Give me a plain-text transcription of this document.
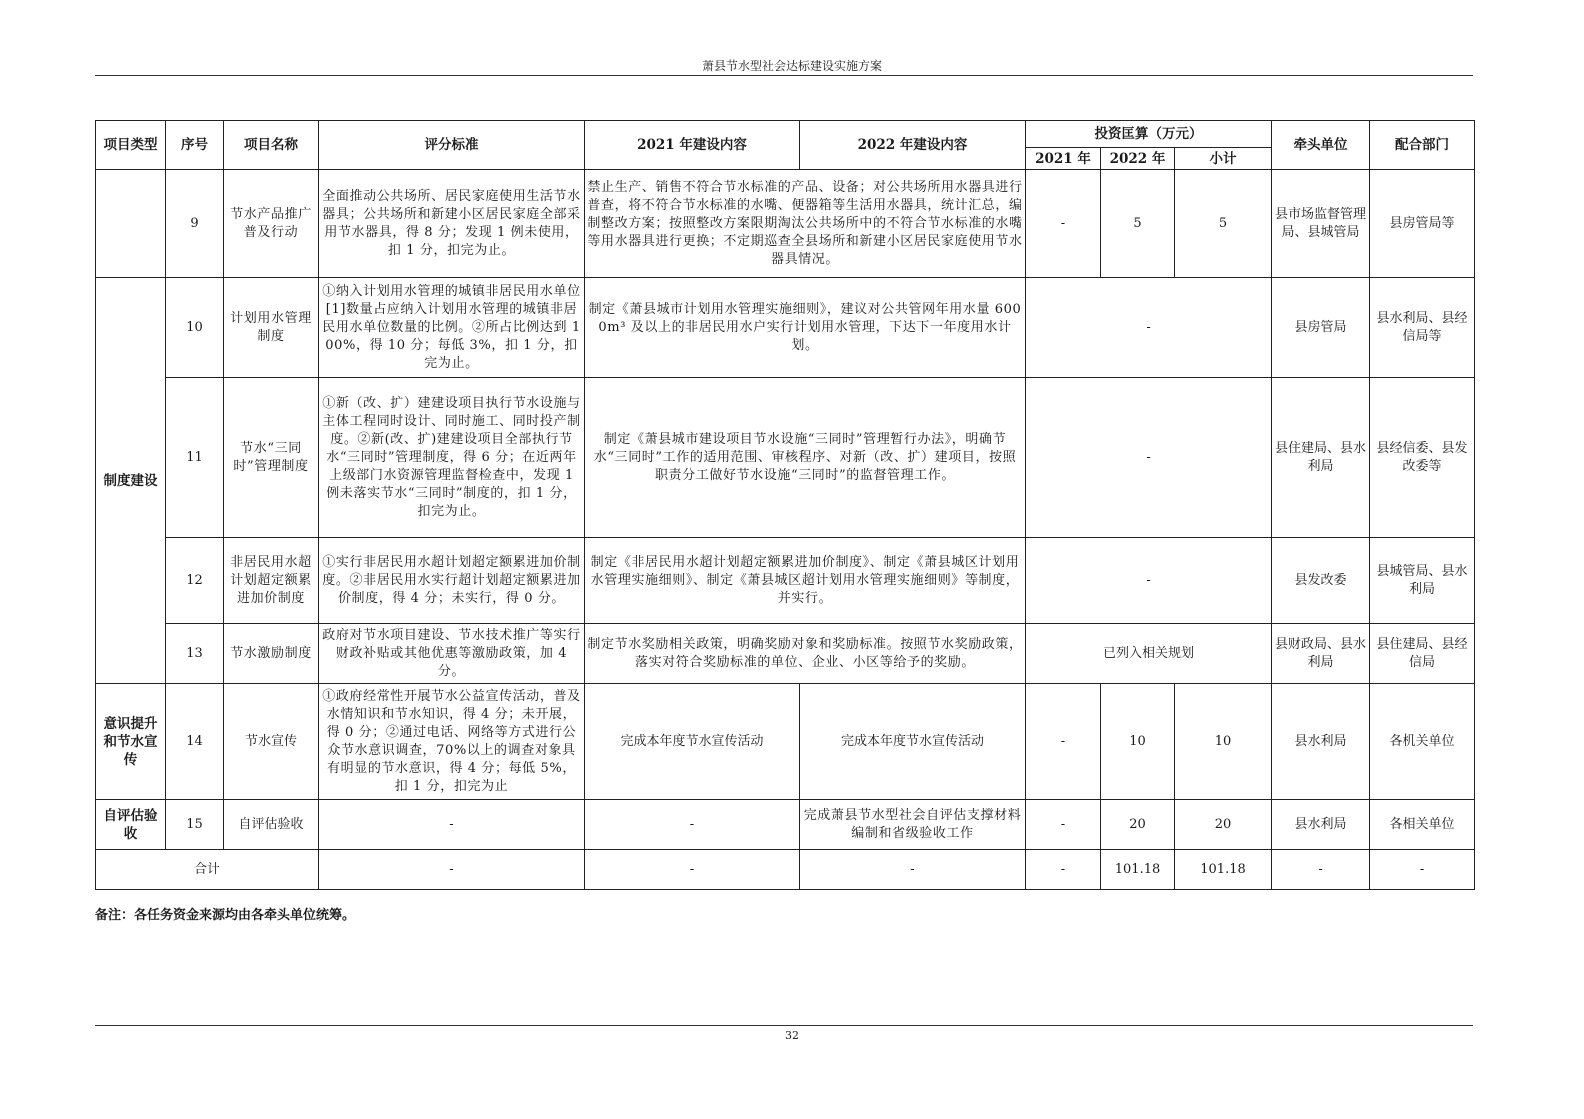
萧县节水型社会达标建设实施方案
项目类型	序号	项目名称	评分标准	2021 年建设内容	2022 年建设内容	投资匡算（万元）			牵头单位	配合部门
						2021 年	2022 年	小计		
	9	节水产品推广普及行动	全面推动公共场所、居民家庭使用生活节水器具；公共场所和新建小区居民家庭全部采用节水器具，得 8 分；发现 1 例未使用，扣 1 分，扣完为止。	禁止生产、销售不符合节水标准的产品、设备；对公共场所用水器具进行普查，将不符合节水标准的水嘴、便器箱等生活用水器具，统计汇总，编制整改方案；按照整改方案限期淘汰公共场所中的不符合节水标准的水嘴等用水器具进行更换；不定期巡查全县场所和新建小区居民家庭使用节水器具情况。		-	5	5	县市场监督管理局、县城管局	县房管局等
制度建设	10	计划用水管理制度	①纳入计划用水管理的城镇非居民用水单位[1]数量占应纳入计划用水管理的城镇非居民用水单位数量的比例。②所占比例达到 100%，得 10 分；每低 3%，扣 1 分，扣完为止。	制定《萧县城市计划用水管理实施细则》，建议对公共管网年用水量 6000m³ 及以上的非居民用水户实行计划用水管理，下达下一年度用水计划。		-			县房管局	县水利局、县经信局等
	11	节水“三同时”管理制度	①新（改、扩）建建设项目执行节水设施与主体工程同时设计、同时施工、同时投产制度。②新(改、扩)建建设项目全部执行节水“三同时”管理制度，得 6 分；在近两年上级部门水资源管理监督检查中，发现 1 例未落实节水“三同时”制度的，扣 1 分，扣完为止。	制定《萧县城市建设项目节水设施“三同时”管理暂行办法》，明确节水“三同时”工作的适用范围、审核程序、对新（改、扩）建项目，按照职责分工做好节水设施“三同时”的监督管理工作。		-			县住建局、县水利局	县经信委、县发改委等
	12	非居民用水超计划超定额累进加价制度	①实行非居民用水超计划超定额累进加价制度。②非居民用水实行超计划超定额累进加价制度，得 4 分；未实行，得 0 分。	制定《非居民用水超计划超定额累进加价制度》、制定《萧县城区计划用水管理实施细则》、制定《萧县城区超计划用水管理实施细则》等制度，并实行。		-			县发改委	县城管局、县水利局
	13	节水激励制度	政府对节水项目建设、节水技术推广等实行财政补贴或其他优惠等激励政策，加 4 分。	制定节水奖励相关政策，明确奖励对象和奖励标准。按照节水奖励政策，落实对符合奖励标准的单位、企业、小区等给予的奖励。		已列入相关规划			县财政局、县水利局	县住建局、县经信局
意识提升和节水宣传	14	节水宣传	①政府经常性开展节水公益宣传活动，普及水情知识和节水知识，得 4 分；未开展，得 0 分；②通过电话、网络等方式进行公众节水意识调查，70%以上的调查对象具有明显的节水意识，得 4 分；每低 5%，扣 1 分，扣完为止	完成本年度节水宣传活动	完成本年度节水宣传活动	-	10	10	县水利局	各机关单位
自评估验收	15	自评估验收	-	-	完成萧县节水型社会自评估支撑材料编制和省级验收工作	-	20	20	县水利局	各相关单位
合计			-	-	-	-	101.18	101.18	-	-
备注：各任务资金来源均由各牵头单位统筹。
32
